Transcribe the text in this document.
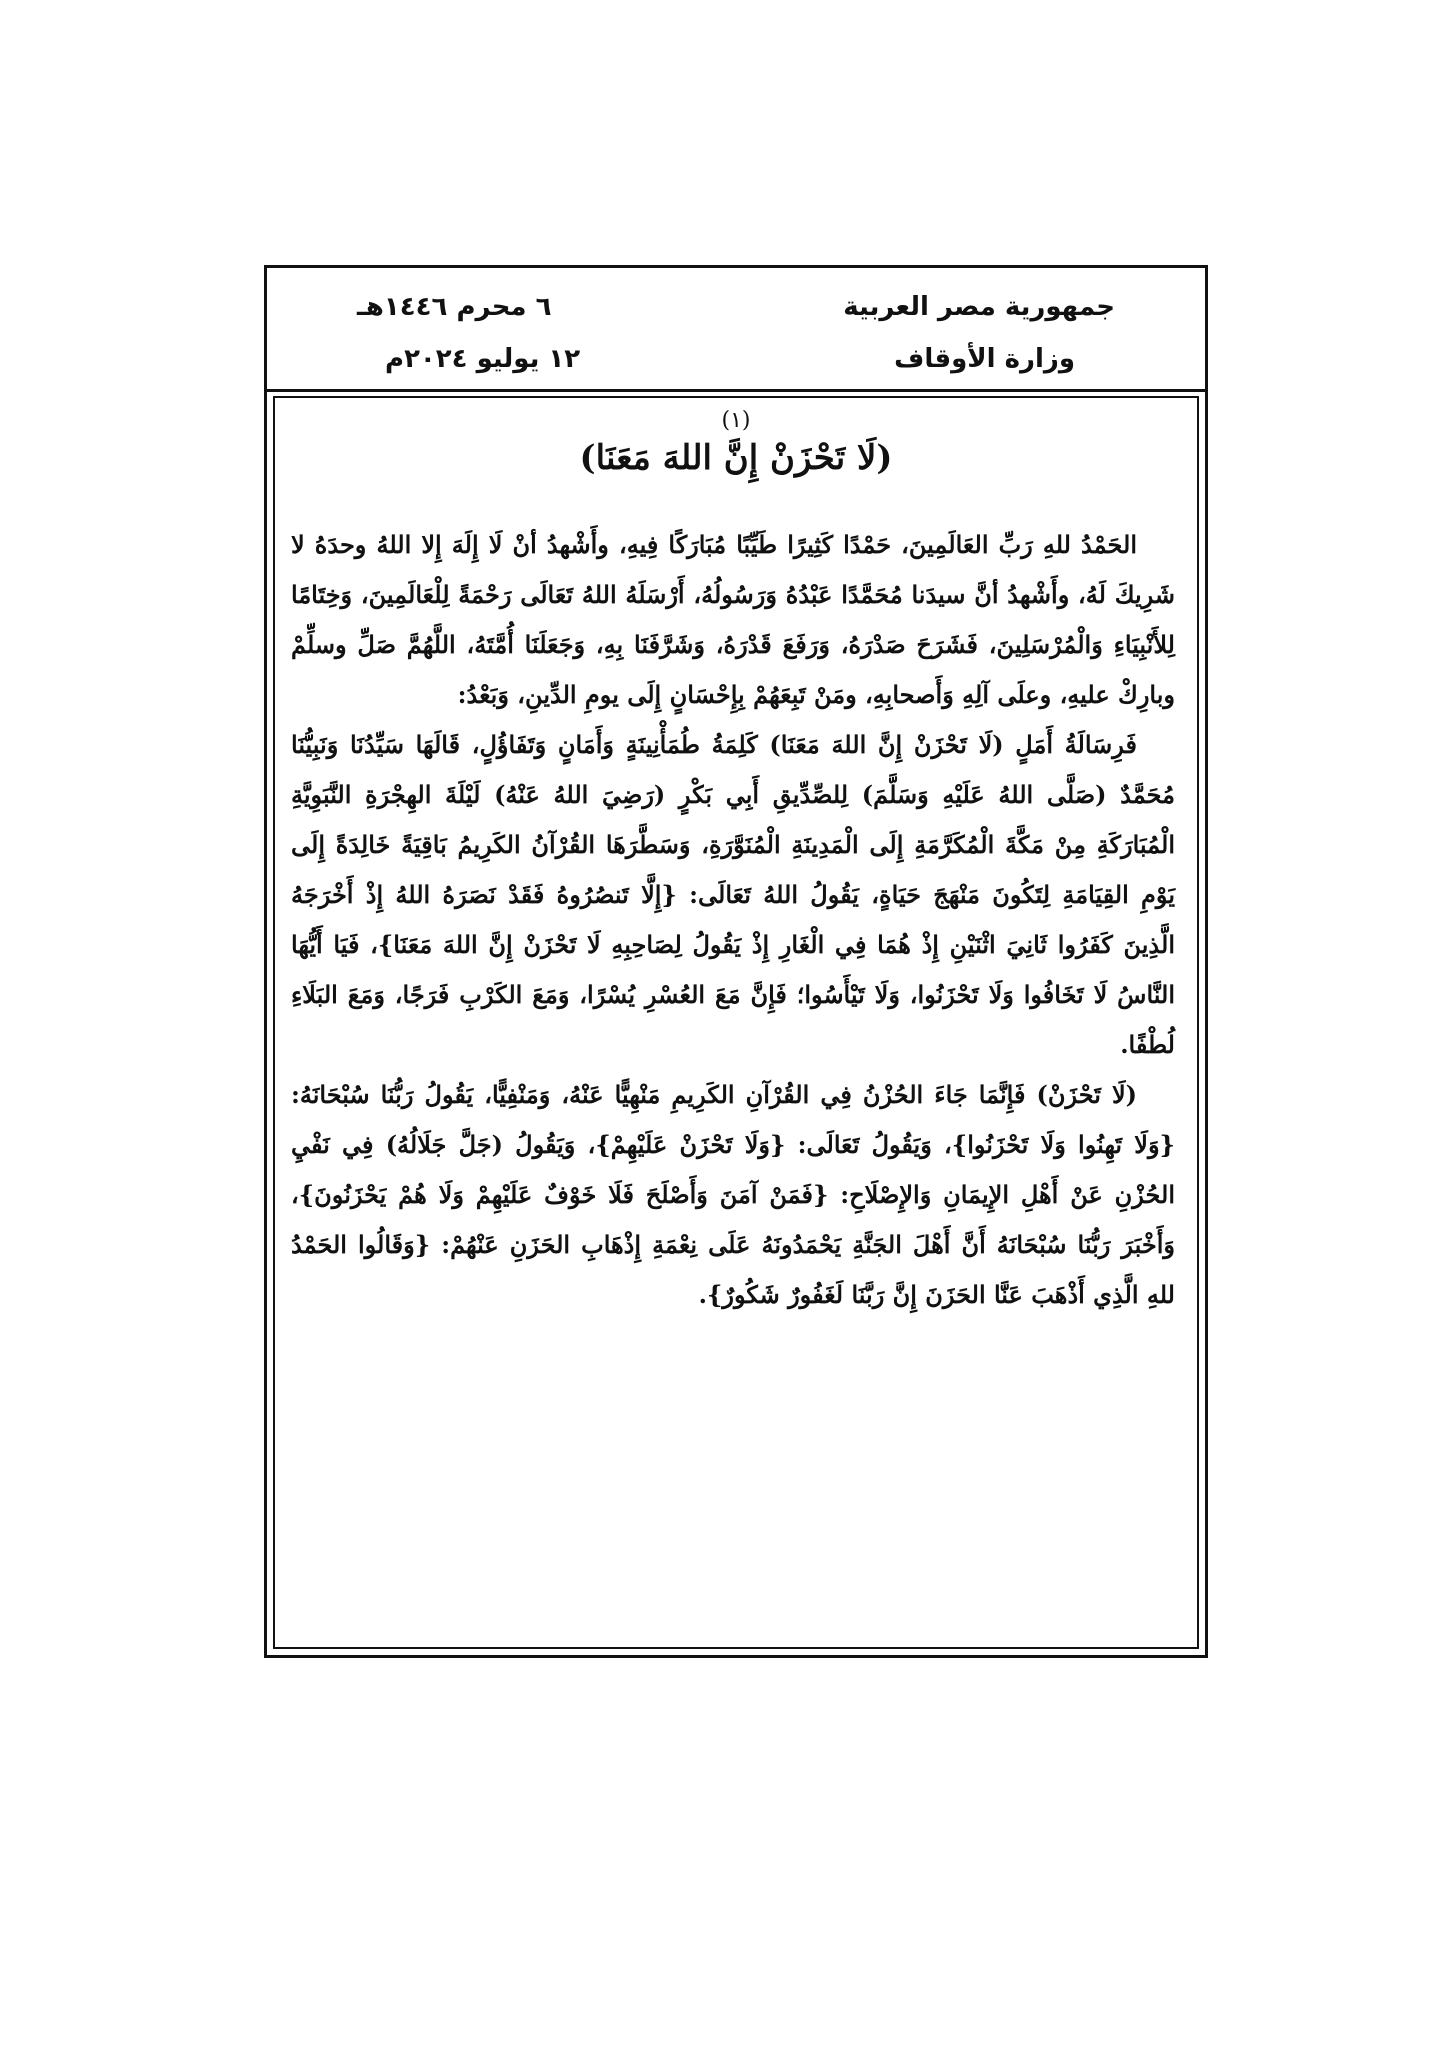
جمهورية مصر العربية
وزارة الأوقاف
٦ محرم ١٤٤٦هـ
١٢ يوليو ٢٠٢٤م
(١)
(لَا تَحْزَنْ إِنَّ اللهَ مَعَنَا)

الحَمْدُ للهِ رَبِّ العَالَمِينَ، حَمْدًا كَثِيرًا طَيِّبًا مُبَارَكًا فِيهِ، وأَشْهدُ أنْ لَا إِلَهَ إِلا اللهُ وحدَهُ لا شَرِيكَ لَهُ، وأَشْهدُ أنَّ سيدَنا مُحَمَّدًا عَبْدُهُ وَرَسُولُهُ، أَرْسَلَهُ اللهُ تَعَالَى رَحْمَةً لِلْعَالَمِينَ، وَخِتَامًا لِلأَنْبِيَاءِ وَالْمُرْسَلِينَ، فَشَرَحَ صَدْرَهُ، وَرَفَعَ قَدْرَهُ، وَشَرَّفَنَا بِهِ، وَجَعَلَنَا أُمَّتَهُ، اللَّهُمَّ صَلِّ وسلِّمْ وبارِكْ عليهِ، وعلَى آلِهِ وَأَصحابِهِ، ومَنْ تَبِعَهُمْ بِإِحْسَانٍ إِلَى يومِ الدِّينِ، وَبَعْدُ:

فَرِسَالَةُ أَمَلٍ (لَا تَحْزَنْ إِنَّ اللهَ مَعَنَا) كَلِمَةُ طُمَأْنِينَةٍ وَأَمَانٍ وَتَفَاؤُلٍ، قَالَهَا سَيِّدُنَا وَنَبِيُّنَا مُحَمَّدٌ (صَلَّى اللهُ عَلَيْهِ وَسَلَّمَ) لِلصِّدِّيقِ أَبِي بَكْرٍ (رَضِيَ اللهُ عَنْهُ) لَيْلَةَ الهِجْرَةِ النَّبَوِيَّةِ الْمُبَارَكَةِ مِنْ مَكَّةَ الْمُكَرَّمَةِ إِلَى الْمَدِينَةِ الْمُنَوَّرَةِ، وَسَطَّرَهَا القُرْآنُ الكَرِيمُ بَاقِيَةً خَالِدَةً إِلَى يَوْمِ القِيَامَةِ لِتَكُونَ مَنْهَجَ حَيَاةٍ، يَقُولُ اللهُ تَعَالَى: {إِلَّا تَنصُرُوهُ فَقَدْ نَصَرَهُ اللهُ إِذْ أَخْرَجَهُ الَّذِينَ كَفَرُوا ثَانِيَ اثْنَيْنِ إِذْ هُمَا فِي الْغَارِ إِذْ يَقُولُ لِصَاحِبِهِ لَا تَحْزَنْ إِنَّ اللهَ مَعَنَا}، فَيَا أَيُّهَا النَّاسُ لَا تَخَافُوا وَلَا تَحْزَنُوا، وَلَا تَيْأَسُوا؛ فَإِنَّ مَعَ العُسْرِ يُسْرًا، وَمَعَ الكَرْبِ فَرَجًا، وَمَعَ البَلَاءِ لُطْفًا.

(لَا تَحْزَنْ) فَإِنَّمَا جَاءَ الحُزْنُ فِي القُرْآنِ الكَرِيمِ مَنْهِيًّا عَنْهُ، وَمَنْفِيًّا، يَقُولُ رَبُّنَا سُبْحَانَهُ: {وَلَا تَهِنُوا وَلَا تَحْزَنُوا}، وَيَقُولُ تَعَالَى: {وَلَا تَحْزَنْ عَلَيْهِمْ}، وَيَقُولُ (جَلَّ جَلَالُهُ) فِي نَفْيِ الحُزْنِ عَنْ أَهْلِ الإِيمَانِ وَالإِصْلَاحِ: {فَمَنْ آمَنَ وَأَصْلَحَ فَلَا خَوْفٌ عَلَيْهِمْ وَلَا هُمْ يَحْزَنُونَ}، وَأَخْبَرَ رَبُّنَا سُبْحَانَهُ أَنَّ أَهْلَ الجَنَّةِ يَحْمَدُونَهُ عَلَى نِعْمَةِ إِذْهَابِ الحَزَنِ عَنْهُمْ: {وَقَالُوا الحَمْدُ للهِ الَّذِي أَذْهَبَ عَنَّا الحَزَنَ إِنَّ رَبَّنَا لَغَفُورٌ شَكُورٌ}.
